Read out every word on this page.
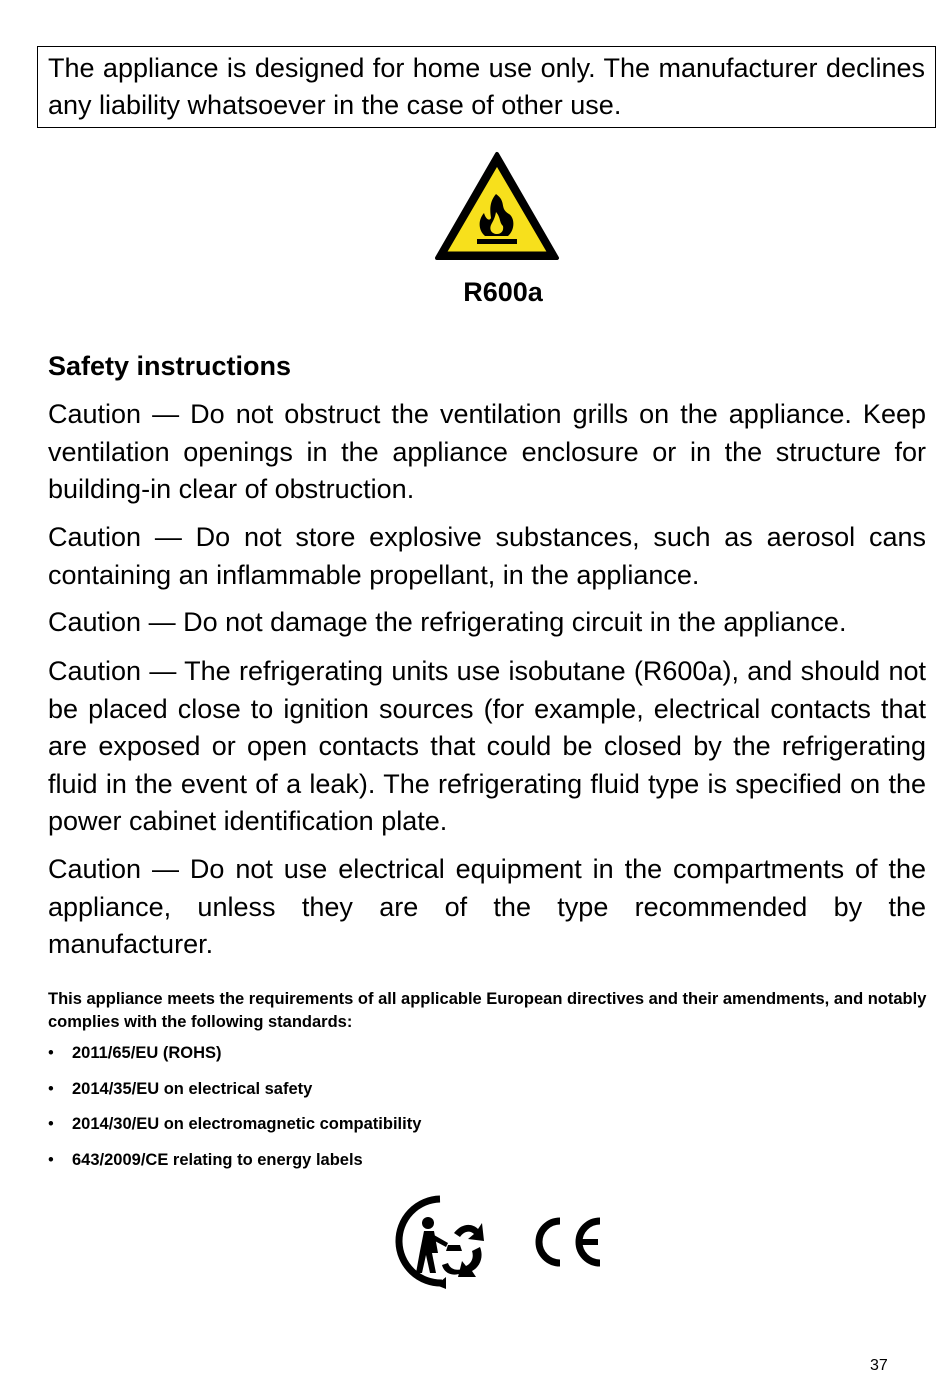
The appliance is designed for home use only. The manufacturer declines any liability whatsoever in the case of other use.
R600a
Safety instructions

Caution — Do not obstruct the ventilation grills on the appliance. Keep ventilation openings in the appliance enclosure or in the structure for building-in clear of obstruction.

Caution — Do not store explosive substances, such as aerosol cans containing an inflammable propellant, in the appliance.

Caution — Do not damage the refrigerating circuit in the appliance.

Caution — The refrigerating units use isobutane (R600a), and should not be placed close to ignition sources (for example, electrical contacts that are exposed or open contacts that could be closed by the refrigerating fluid in the event of a leak). The refrigerating fluid type is specified on the power cabinet identification plate.

Caution — Do not use electrical equipment in the compartments of the appliance, unless they are of the type recommended by the manufacturer.

This appliance meets the requirements of all applicable European directives and their amendments, and notably complies with the following standards:

• 2011/65/EU (ROHS)
• 2014/35/EU on electrical safety
• 2014/30/EU on electromagnetic compatibility
• 643/2009/CE relating to energy labels
37
